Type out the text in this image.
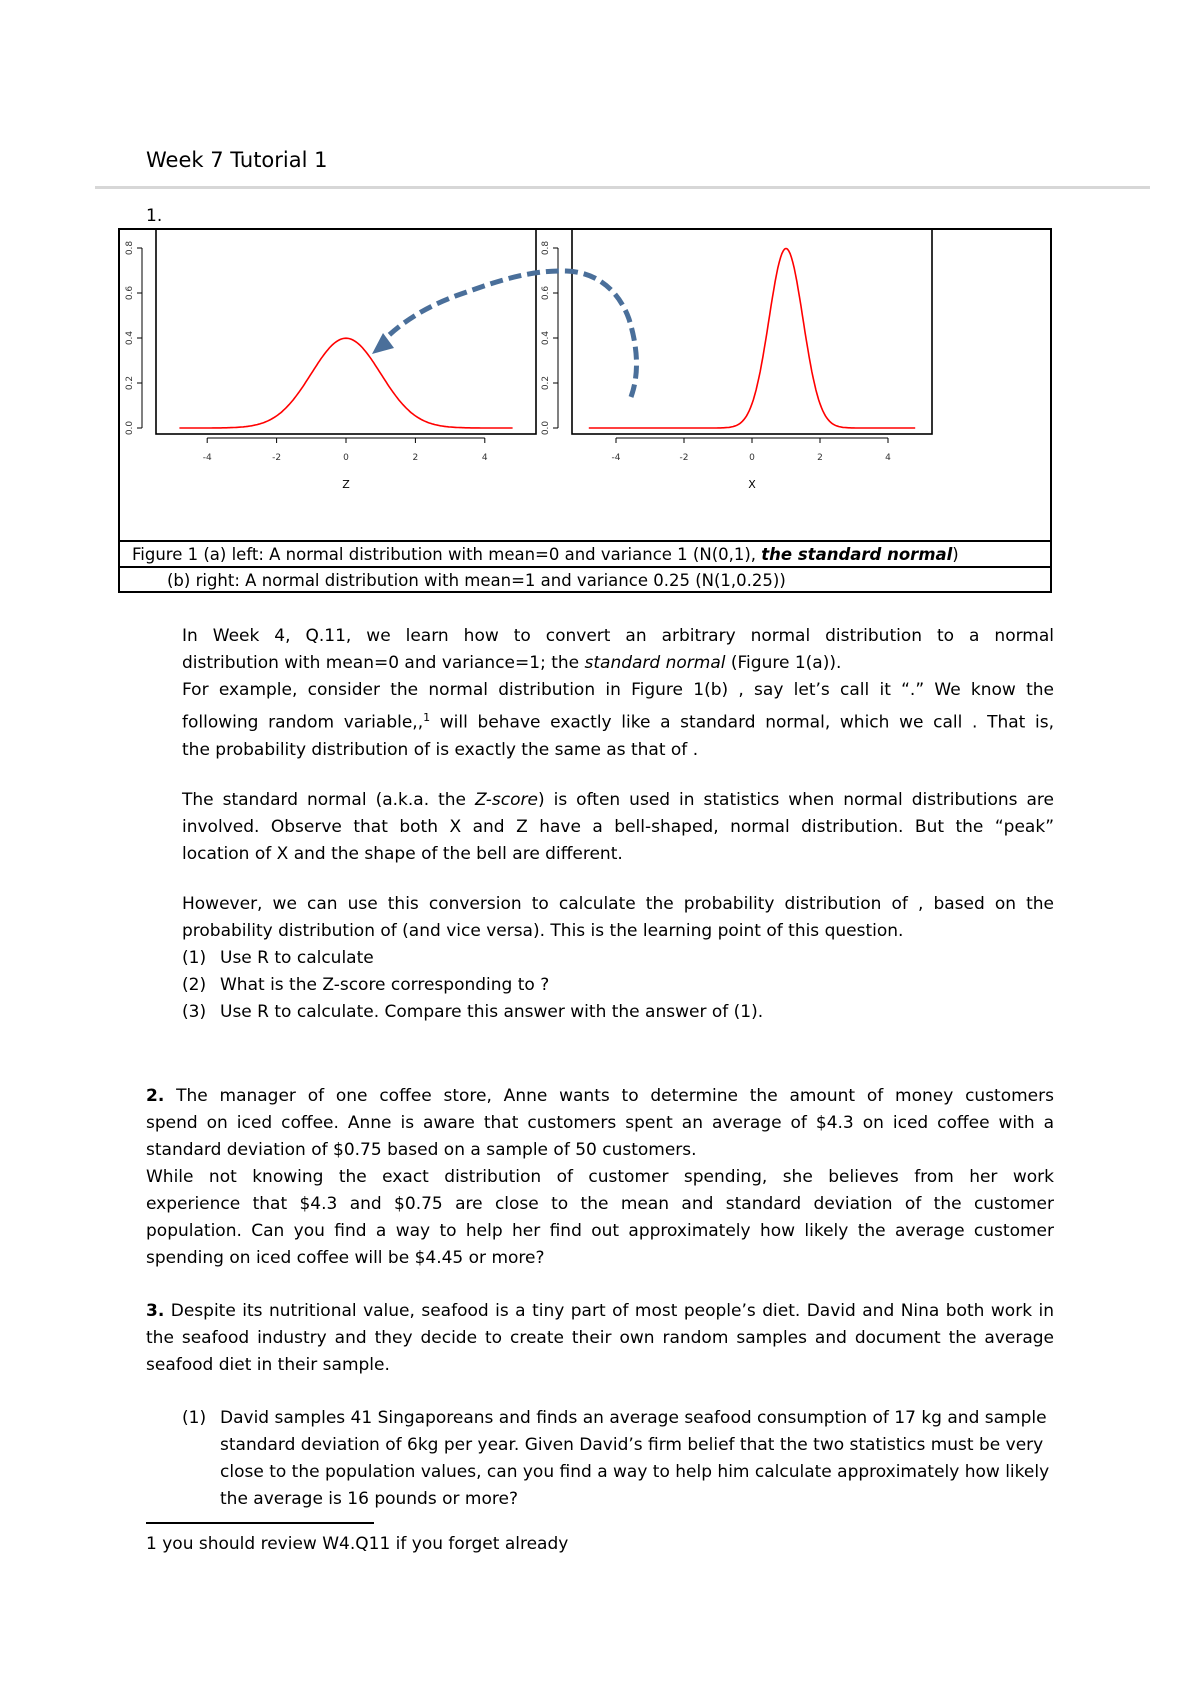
Week 7 Tutorial 1
1.
0.0
0.2
0.4
0.6
0.8
-4	-2	0	2	4
0.0
0.2
0.4
0.6
0.8
-4	-2	0	2	4
Z	X
Figure 1 (a) left: A normal distribution with mean=0 and variance 1 (N(0,1), the standard normal)
(b) right: A normal distribution with mean=1 and variance 0.25 (N(1,0.25))
In Week 4, Q.11, we learn how to convert an arbitrary normal distribution to a normal
distribution with mean=0 and variance=1; the standard normal (Figure 1(a)).
For example, consider the normal distribution in Figure 1(b) , say let’s call it “.” We know the
following random variable,,$^1$ will behave exactly like a standard normal, which we call . That is,
the probability distribution of is exactly the same as that of .
The standard normal (a.k.a. the Z-score) is often used in statistics when normal distributions are
involved. Observe that both X and Z have a bell-shaped, normal distribution. But the “peak”
location of X and the shape of the bell are different.
However, we can use this conversion to calculate the probability distribution of , based on the
probability distribution of (and vice versa). This is the learning point of this question.
(1) Use R to calculate
(2) What is the Z-score corresponding to ?
(3) Use R to calculate. Compare this answer with the answer of (1).
2. The manager of one coffee store, Anne wants to determine the amount of money customers
spend on iced coffee. Anne is aware that customers spent an average of $4.3 on iced coffee with a
standard deviation of $0.75 based on a sample of 50 customers.
While not knowing the exact distribution of customer spending, she believes from her work
experience that $4.3 and $0.75 are close to the mean and standard deviation of the customer
population. Can you find a way to help her find out approximately how likely the average customer
spending on iced coffee will be $4.45 or more?
3. Despite its nutritional value, seafood is a tiny part of most people’s diet. David and Nina both work in
the seafood industry and they decide to create their own random samples and document the average
seafood diet in their sample.
(1) David samples 41 Singaporeans and finds an average seafood consumption of 17 kg and sample
standard deviation of 6kg per year. Given David’s firm belief that the two statistics must be very
close to the population values, can you find a way to help him calculate approximately how likely
the average is 16 pounds or more?
1 you should review W4.Q11 if you forget already
